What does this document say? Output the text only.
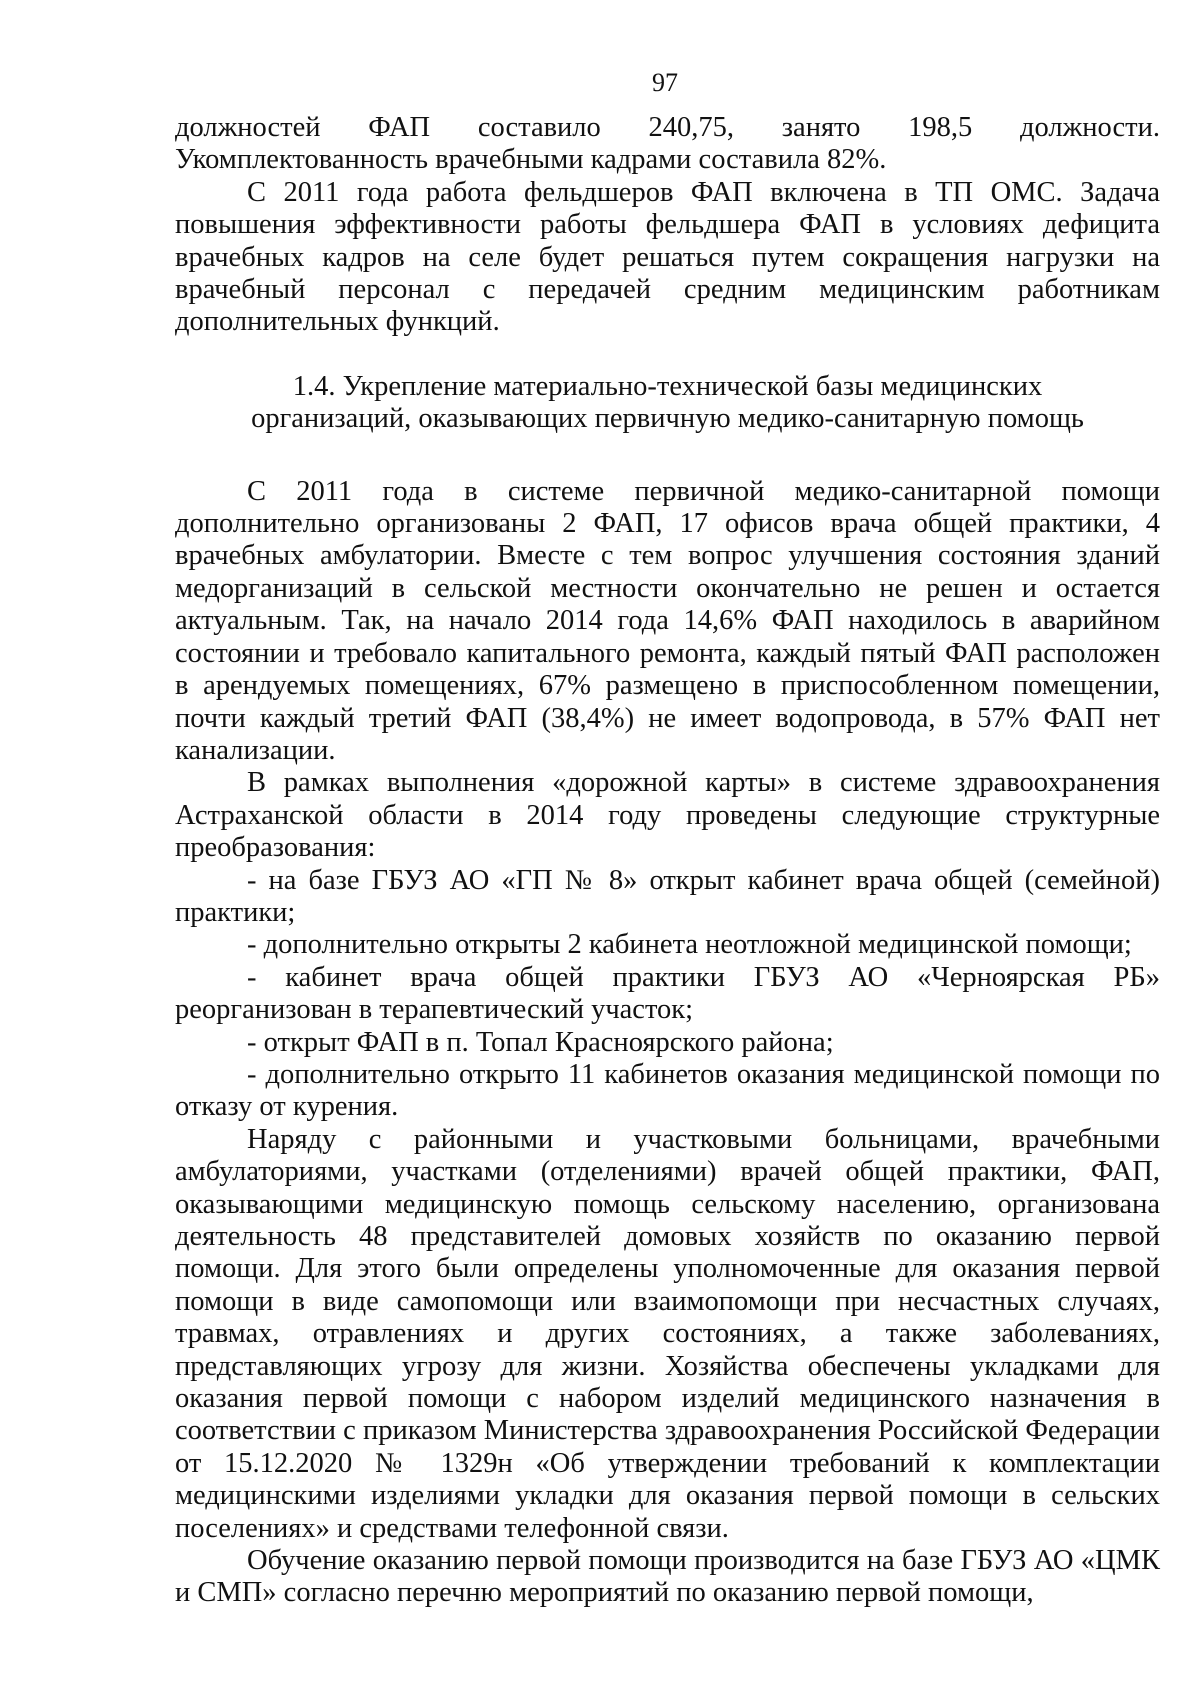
97

должностей ФАП составило 240,75, занято 198,5 должности. Укомплектованность врачебными кадрами составила 82%.

С 2011 года работа фельдшеров ФАП включена в ТП ОМС. Задача повышения эффективности работы фельдшера ФАП в условиях дефицита врачебных кадров на селе будет решаться путем сокращения нагрузки на врачебный персонал с передачей средним медицинским работникам дополнительных функций.

1.4. Укрепление материально-технической базы медицинских
организаций, оказывающих первичную медико-санитарную помощь

С 2011 года в системе первичной медико-санитарной помощи дополнительно организованы 2 ФАП, 17 офисов врача общей практики, 4 врачебных амбулатории. Вместе с тем вопрос улучшения состояния зданий медорганизаций в сельской местности окончательно не решен и остается актуальным. Так, на начало 2014 года 14,6% ФАП находилось в аварийном состоянии и требовало капитального ремонта, каждый пятый ФАП расположен в арендуемых помещениях, 67% размещено в приспособленном помещении, почти каждый третий ФАП (38,4%) не имеет водопровода, в 57% ФАП нет канализации.

В рамках выполнения «дорожной карты» в системе здравоохранения Астраханской области в 2014 году проведены следующие структурные преобразования:

- на базе ГБУЗ АО «ГП № 8» открыт кабинет врача общей (семейной) практики;

- дополнительно открыты 2 кабинета неотложной медицинской помощи;

- кабинет врача общей практики ГБУЗ АО «Черноярская РБ» реорганизован в терапевтический участок;

- открыт ФАП в п. Топал Красноярского района;

- дополнительно открыто 11 кабинетов оказания медицинской помощи по отказу от курения.

Наряду с районными и участковыми больницами, врачебными амбулаториями, участками (отделениями) врачей общей практики, ФАП, оказывающими медицинскую помощь сельскому населению, организована деятельность 48 представителей домовых хозяйств по оказанию первой помощи. Для этого были определены уполномоченные для оказания первой помощи в виде самопомощи или взаимопомощи при несчастных случаях, травмах, отравлениях и других состояниях, а также заболеваниях, представляющих угрозу для жизни. Хозяйства обеспечены укладками для оказания первой помощи с набором изделий медицинского назначения в соответствии с приказом Министерства здравоохранения Российской Федерации от 15.12.2020 № 1329н «Об утверждении требований к комплектации медицинскими изделиями укладки для оказания первой помощи в сельских поселениях» и средствами телефонной связи.

Обучение оказанию первой помощи производится на базе ГБУЗ АО «ЦМК и СМП» согласно перечню мероприятий по оказанию первой помощи,
